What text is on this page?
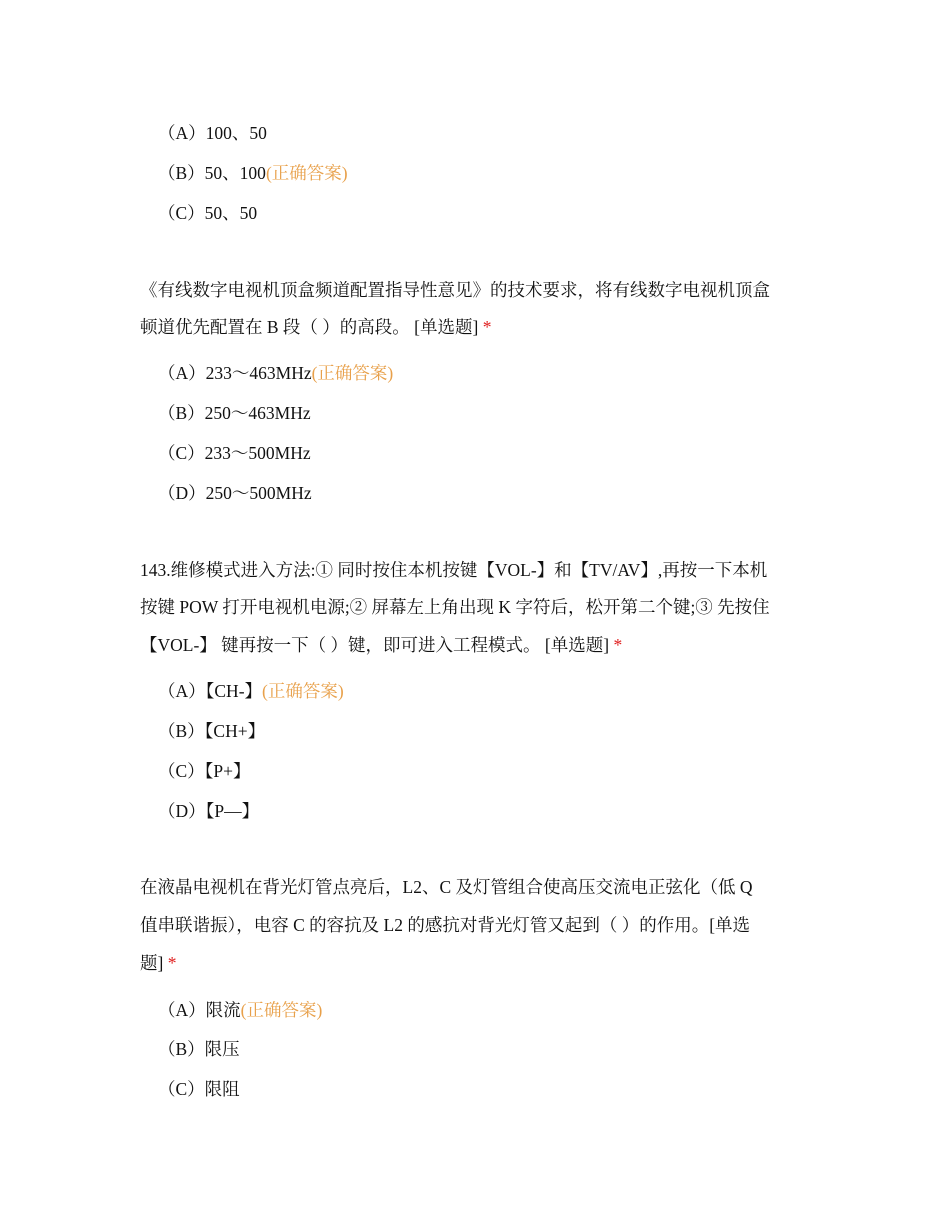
（A）100、50
（B）50、100(正确答案)
（C）50、50
《有线数字电视机顶盒频道配置指导性意见》的技术要求，将有线数字电视机顶盒
顿道优先配置在 B 段（ ）的高段。 [单选题] *
（A）233～463MHz(正确答案)
（B）250～463MHz
（C）233～500MHz
（D）250～500MHz
143.维修模式进入方法:① 同时按住本机按键【VOL-】和【TV/AV】,再按一下本机
按键 POW 打开电视机电源;② 屏幕左上角出现 K 字符后，松开第二个键;③ 先按住
【VOL-】 键再按一下（ ）键，即可进入工程模式。 [单选题] *
（A）【CH-】(正确答案)
（B）【CH+】
（C）【P+】
（D）【P—】
在液晶电视机在背光灯管点亮后，L2、C 及灯管组合使高压交流电正弦化（低 Q
值串联谐振），电容 C 的容抗及 L2 的感抗对背光灯管又起到（ ）的作用。[单选
题] *
（A）限流(正确答案)
（B）限压
（C）限阻
